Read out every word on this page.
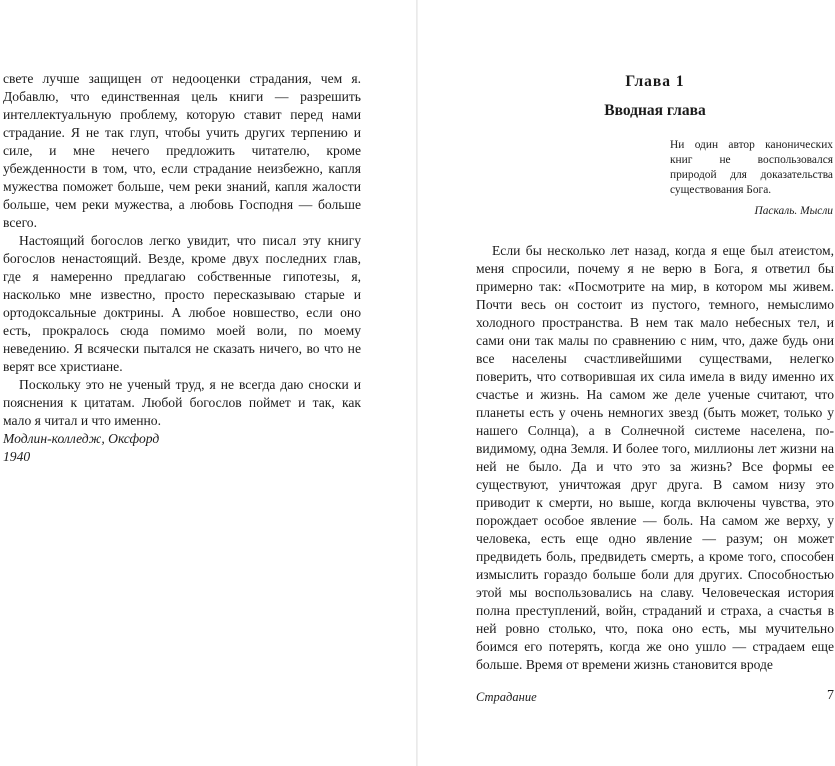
свете лучше защищен от недооценки страдания, чем я. Добавлю, что единственная цель книги — разрешить интеллектуальную проблему, которую ставит перед нами страдание. Я не так глуп, чтобы учить других терпению и силе, и мне нечего предложить читателю, кроме убежденности в том, что, если страдание неизбежно, капля мужества поможет больше, чем реки знаний, капля жалости больше, чем реки мужества, а любовь Господня — больше всего.

Настоящий богослов легко увидит, что писал эту книгу богослов ненастоящий. Везде, кроме двух последних глав, где я намеренно предлагаю собственные гипотезы, я, насколько мне известно, просто пересказываю старые и ортодоксальные доктрины. А любое новшество, если оно есть, прокралось сюда помимо моей воли, по моему неведению. Я всячески пытался не сказать ничего, во что не верят все христиане.

Поскольку это не ученый труд, я не всегда даю сноски и пояснения к цитатам. Любой богослов поймет и так, как мало я читал и что именно.

Модлин-колледж, Оксфорд
1940
Глава 1
Вводная глава
Ни один автор канонических книг не воспользовался природой для доказательства существования Бога.
Паскаль. Мысли

Если бы несколько лет назад, когда я еще был атеистом, меня спросили, почему я не верю в Бога, я ответил бы примерно так: «Посмотрите на мир, в котором мы живем. Почти весь он состоит из пустого, темного, немыслимо холодного пространства. В нем так мало небесных тел, и сами они так малы по сравнению с ним, что, даже будь они все населены счастливейшими существами, нелегко поверить, что сотворившая их сила имела в виду именно их счастье и жизнь. На самом же деле ученые считают, что планеты есть у очень немногих звезд (быть может, только у нашего Солнца), а в Солнечной системе населена, по-видимому, одна Земля. И более того, миллионы лет жизни на ней не было. Да и что это за жизнь? Все формы ее существуют, уничтожая друг друга. В самом низу это приводит к смерти, но выше, когда включены чувства, это порождает особое явление — боль. На самом же верху, у человека, есть еще одно явление — разум; он может предвидеть боль, предвидеть смерть, а кроме того, способен измыслить гораздо больше боли для других. Способностью этой мы воспользовались на славу. Человеческая история полна преступлений, войн, страданий и страха, а счастья в ней ровно столько, что, пока оно есть, мы мучительно боимся его потерять, когда же оно ушло — страдаем еще больше. Время от времени жизнь становится вроде

Страдание	7
